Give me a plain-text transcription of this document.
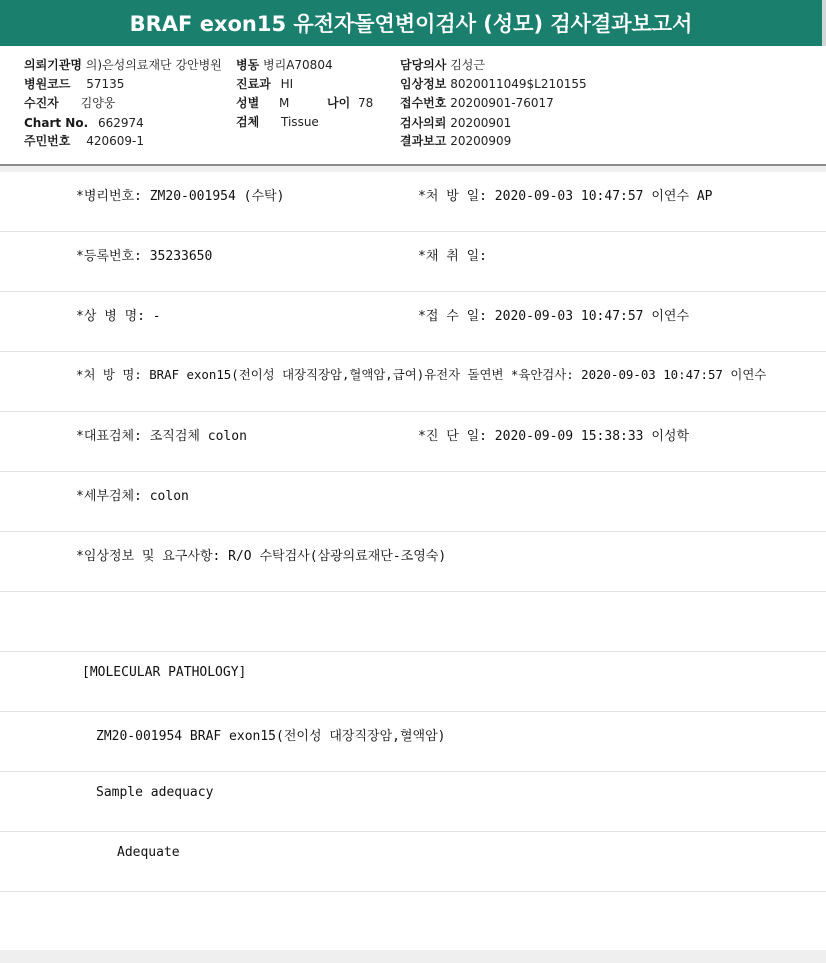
BRAF exon15 유전자돌연변이검사 (성모) 검사결과보고서
의뢰기관명 의)은성의료재단 강안병원 병동 병리A70804	담당의사 김성근
병원코드 57135	진료과 HI	임상정보 8020011049$L210155
수진자 김양웅	성별 M	나이 78 접수번호 20200901-76017
Chart No. 662974	검체 Tissue	검사의뢰 20200901
주민번호 420609-1	결과보고 20200909
*병리번호: ZM20-001954 (수탁)	*처 방 일: 2020-09-03 10:47:57 이연수 AP
*등록번호: 35233650	*채 취 일:
*상 병 명: -	*접 수 일: 2020-09-03 10:47:57 이연수
*처 방 명: BRAF exon15(전이성 대장직장암,혈액암,급여)유전자 돌연변 *육안검사: 2020-09-03 10:47:57 이연수
*대표검체: 조직검체 colon	*진 단 일: 2020-09-09 15:38:33 이성학
*세부검체: colon
*임상정보 및 요구사항: R/O 수탁검사(삼광의료재단-조영숙)
[MOLECULAR PATHOLOGY]
ZM20-001954 BRAF exon15(전이성 대장직장암,혈액암)
Sample adequacy
Adequate
